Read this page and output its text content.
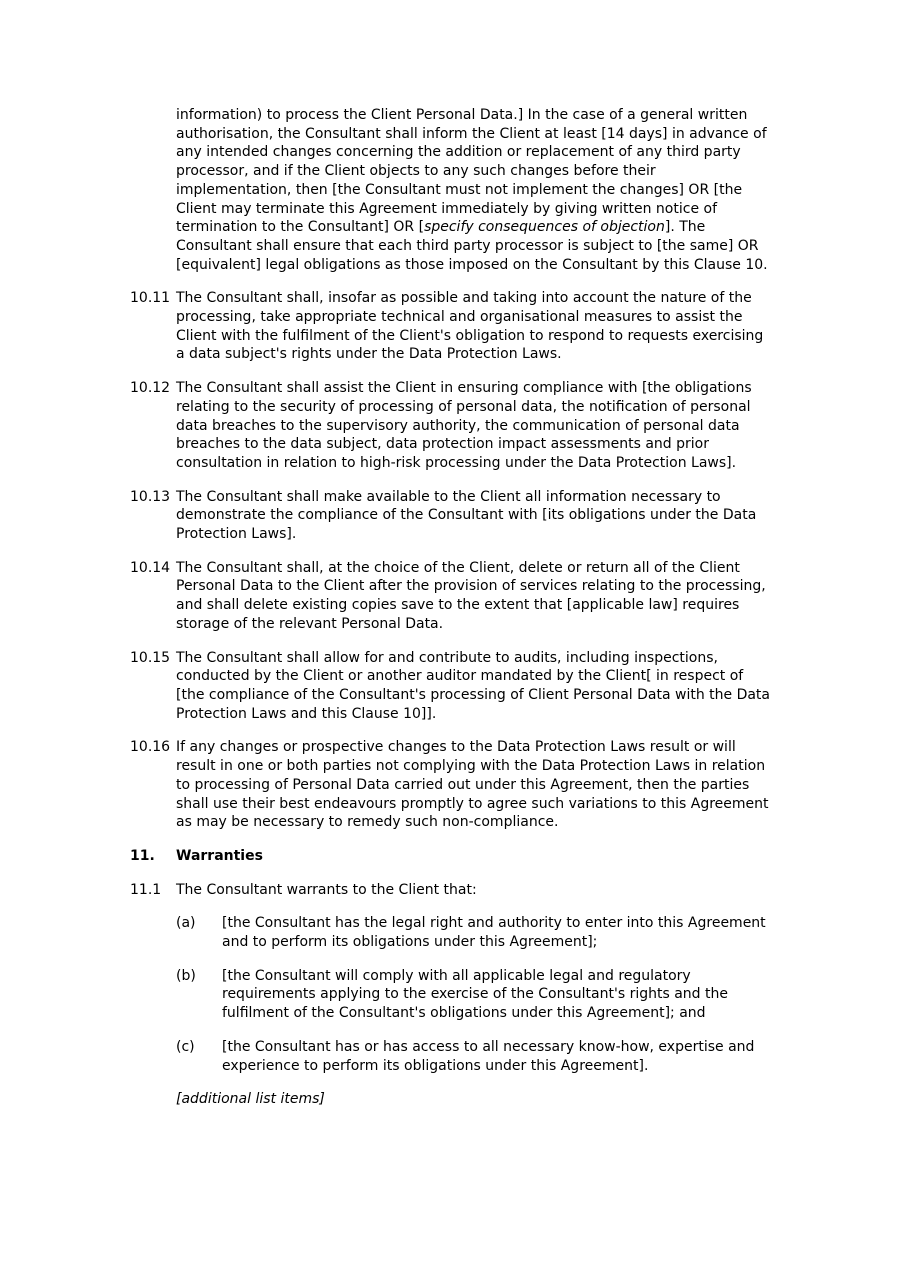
information) to process the Client Personal Data.] In the case of a general written authorisation, the Consultant shall inform the Client at least [14 days] in advance of any intended changes concerning the addition or replacement of any third party processor, and if the Client objects to any such changes before their implementation, then [the Consultant must not implement the changes] OR [the Client may terminate this Agreement immediately by giving written notice of termination to the Consultant] OR [specify consequences of objection]. The Consultant shall ensure that each third party processor is subject to [the same] OR [equivalent] legal obligations as those imposed on the Consultant by this Clause 10.
10.11 The Consultant shall, insofar as possible and taking into account the nature of the processing, take appropriate technical and organisational measures to assist the Client with the fulfilment of the Client's obligation to respond to requests exercising a data subject's rights under the Data Protection Laws.
10.12 The Consultant shall assist the Client in ensuring compliance with [the obligations relating to the security of processing of personal data, the notification of personal data breaches to the supervisory authority, the communication of personal data breaches to the data subject, data protection impact assessments and prior consultation in relation to high-risk processing under the Data Protection Laws].
10.13 The Consultant shall make available to the Client all information necessary to demonstrate the compliance of the Consultant with [its obligations under the Data Protection Laws].
10.14 The Consultant shall, at the choice of the Client, delete or return all of the Client Personal Data to the Client after the provision of services relating to the processing, and shall delete existing copies save to the extent that [applicable law] requires storage of the relevant Personal Data.
10.15 The Consultant shall allow for and contribute to audits, including inspections, conducted by the Client or another auditor mandated by the Client[ in respect of [the compliance of the Consultant's processing of Client Personal Data with the Data Protection Laws and this Clause 10]].
10.16 If any changes or prospective changes to the Data Protection Laws result or will result in one or both parties not complying with the Data Protection Laws in relation to processing of Personal Data carried out under this Agreement, then the parties shall use their best endeavours promptly to agree such variations to this Agreement as may be necessary to remedy such non-compliance.
11. Warranties
11.1 The Consultant warrants to the Client that:
(a) [the Consultant has the legal right and authority to enter into this Agreement and to perform its obligations under this Agreement];
(b) [the Consultant will comply with all applicable legal and regulatory requirements applying to the exercise of the Consultant's rights and the fulfilment of the Consultant's obligations under this Agreement]; and
(c) [the Consultant has or has access to all necessary know-how, expertise and experience to perform its obligations under this Agreement].
[additional list items]
